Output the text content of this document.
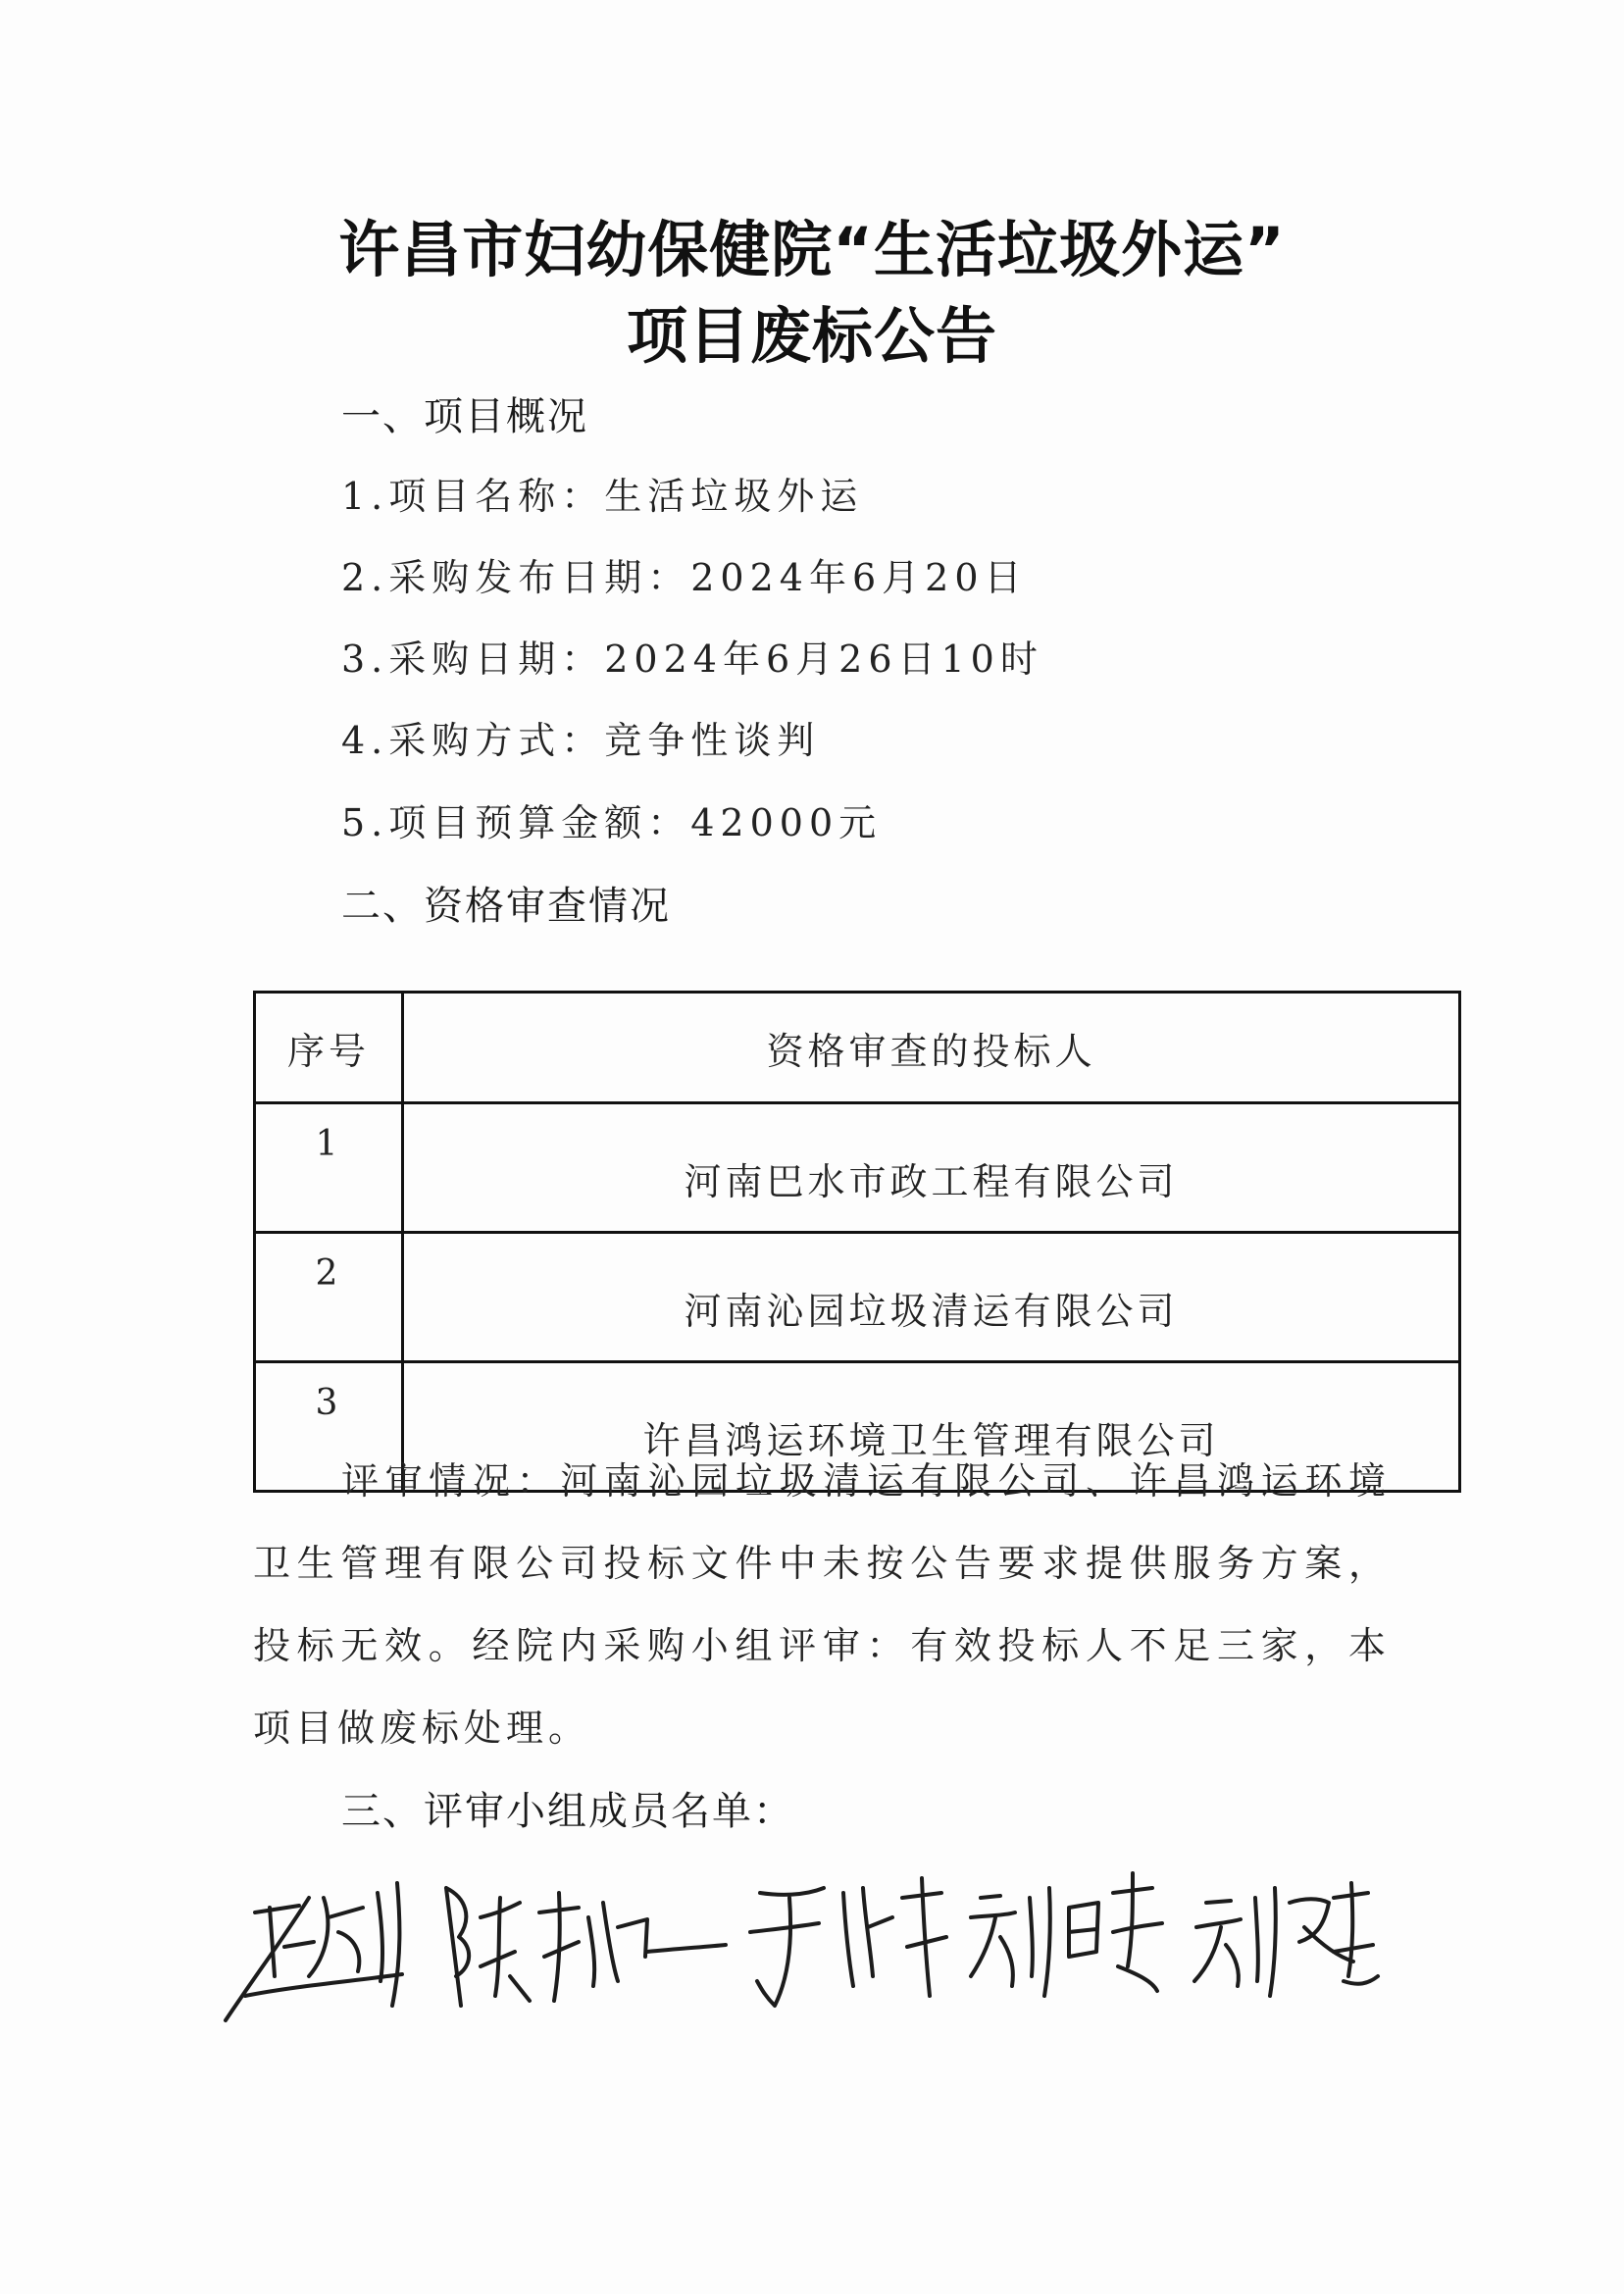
许昌市妇幼保健院“生活垃圾外运”
项目废标公告
一、项目概况
1.项目名称：生活垃圾外运
2.采购发布日期：2024年6月20日
3.采购日期：2024年6月26日10时
4.采购方式：竞争性谈判
5.项目预算金额：42000元
二、资格审查情况
序号	资格审查的投标人
1	河南巴水市政工程有限公司
2	河南沁园垃圾清运有限公司
3	许昌鸿运环境卫生管理有限公司
评审情况：河南沁园垃圾清运有限公司、许昌鸿运环境卫生管理有限公司投标文件中未按公告要求提供服务方案，投标无效。经院内采购小组评审：有效投标人不足三家，本项目做废标处理。
三、评审小组成员名单：
